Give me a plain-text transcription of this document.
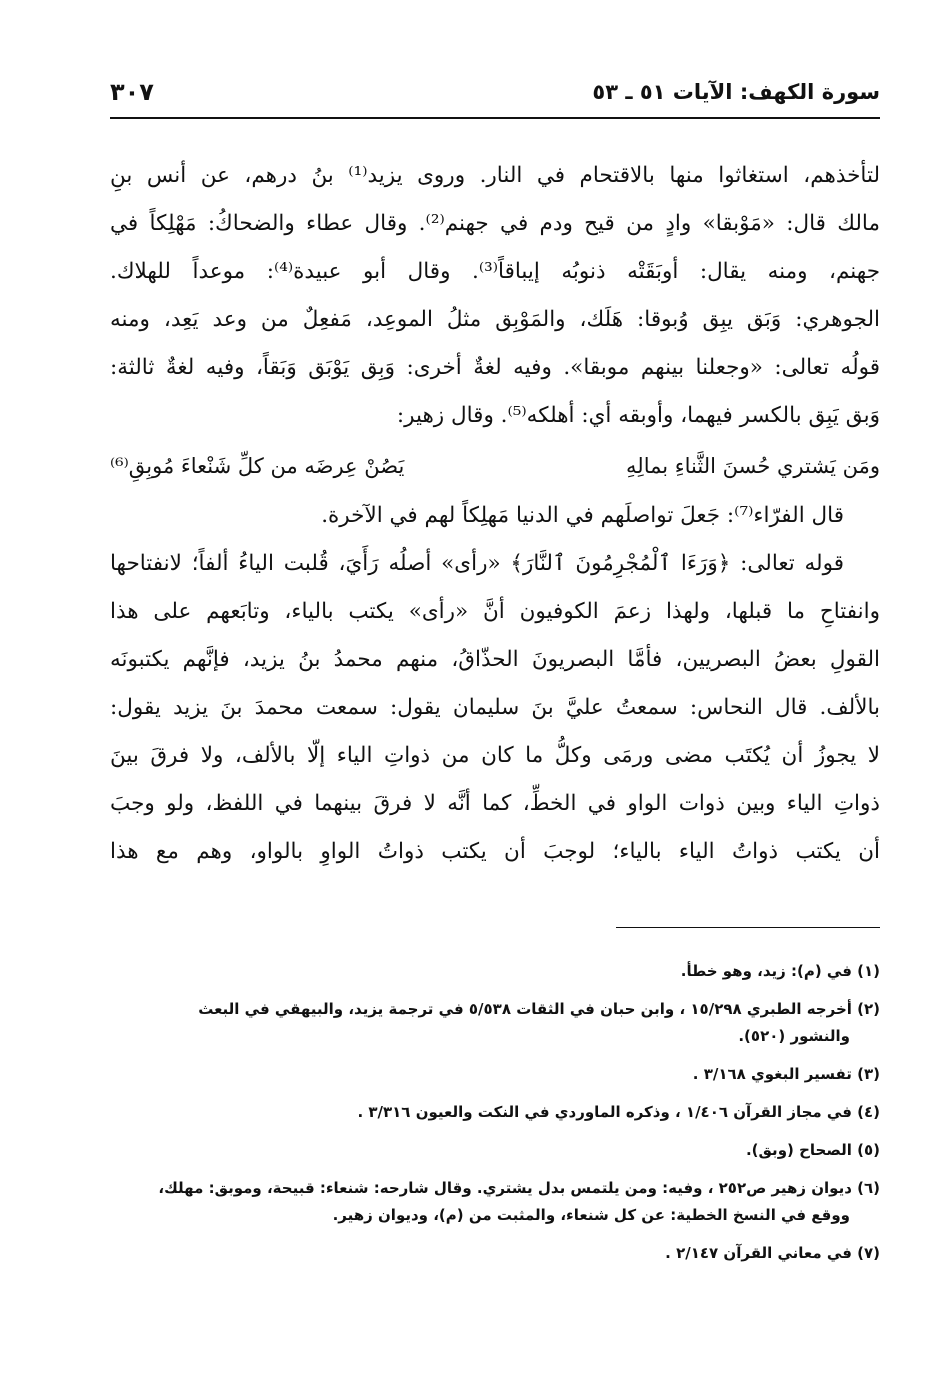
سورة الكهف: الآيات ٥١ ـ ٥٣
٣٠٧
لتأخذهم، استغاثوا منها بالاقتحام في النار. وروى يزيد⁽¹⁾ بنُ درهم، عن أنس بنِ
مالك قال: «مَوْبقا» وادٍ من قيح ودم في جهنم⁽²⁾. وقال عطاء والضحاكُ: مَهْلِكاً في
جهنم، ومنه يقال: أوبَقَتْه ذنوبُه إيباقاً⁽³⁾. وقال أبو عبيدة⁽⁴⁾: موعداً للهلاك.
الجوهري: وَبَق يبِق وُبوقا: هَلَك، والمَوْبِق مثلُ الموعِد، مَفعِلٌ من وعد يَعِد، ومنه
قولُه تعالى: «وجعلنا بينهم موبقا». وفيه لغةٌ أخرى: وَبِق يَوْبَق وَبَقاً، وفيه لغةٌ ثالثة:
وَبق يَبِق بالكسر فيهما، وأوبقه أي: أهلكه⁽⁵⁾. وقال زهير:
ومَن يَشتري حُسنَ الثَّناءِ بمالِهِ
يَصُنْ عِرضَه من كلِّ شَنْعاءَ مُوبِقِ⁽⁶⁾
قال الفرّاء⁽⁷⁾: جَعلَ تواصلَهم في الدنيا مَهلِكاً لهم في الآخرة.
قوله تعالى: ﴿وَرَءَا ٱلْمُجْرِمُونَ ٱلنَّارَ﴾ «رأى» أصلُه رَأَيَ، قُلبت الياءُ ألفاً؛ لانفتاحها
وانفتاحِ ما قبلها، ولهذا زعمَ الكوفيون أنَّ «رأى» يكتب بالياء، وتابَعهم على هذا
القولِ بعضُ البصريين، فأمَّا البصريونَ الحذّاقُ، منهم محمدُ بنُ يزيد، فإنَّهم يكتبونَه
بالألف. قال النحاس: سمعتُ عليَّ بنَ سليمان يقول: سمعت محمدَ بنَ يزيد يقول:
لا يجوزُ أن يُكتَب مضى ورمَى وكلُّ ما كان من ذواتِ الياء إلّا بالألف، ولا فرقَ بينَ
ذواتِ الياء وبين ذوات الواو في الخطِّ، كما أنَّه لا فرقَ بينهما في اللفظ، ولو وجبَ
أن يكتب ذواتُ الياء بالياء؛ لوجبَ أن يكتب ذواتُ الواوِ بالواو، وهم مع هذا
(١) في (م): زيد، وهو خطأ.
(٢) أخرجه الطبري ١٥/٢٩٨ ، وابن حبان في الثقات ٥/٥٣٨ في ترجمة يزيد، والبيهقي في البعث
والنشور (٥٢٠).
(٣) تفسير البغوي ٣/١٦٨ .
(٤) في مجاز القرآن ١/٤٠٦ ، وذكره الماوردي في النكت والعيون ٣/٣١٦ .
(٥) الصحاح (وبق).
(٦) ديوان زهير ص٢٥٢ ، وفيه: ومن يلتمس بدل يشتري. وقال شارحه: شنعاء: قبيحة، وموبق: مهلك،
ووقع في النسخ الخطية: عن كل شنعاء، والمثبت من (م)، وديوان زهير.
(٧) في معاني القرآن ٢/١٤٧ .
